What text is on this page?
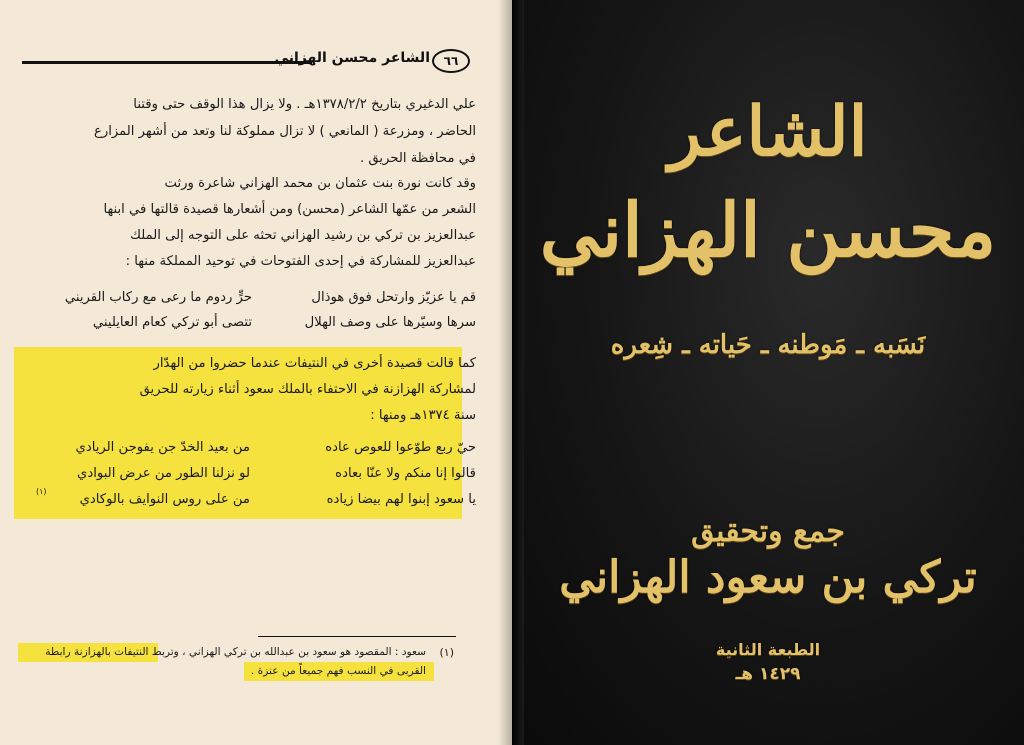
الشاعر محسن الهزاني	٦٦
علي الدغيري بتاريخ ١٣٧٨/٢/٢هـ . ولا يزال هذا الوقف حتى وقتنا
الحاضر ، ومزرعة ( المانعي ) لا تزال مملوكة لنا وتعد من أشهر المزارع
في محافظة الحريق .
وقد كانت نورة بنت عثمان بن محمد الهزاني شاعرة ورثت
الشعر من عمّها الشاعر (محسن) ومن أشعارها قصيدة قالتها في ابنها
عبدالعزيز بن تركي بن رشيد الهزاني تحثه على التوجه إلى الملك
عبدالعزيز للمشاركة في إحدى الفتوحات في توحيد المملكة منها :
قم يا عزيّز وارتحل فوق هوذال
حرٍّ ردوم ما رعى مع ركاب القريني
سرها وسيّرها على وصف الهلال
تتصى أبو تركي كعام العايليني
كما قالت قصيدة أخرى في النتيفات عندما حضروا من الهدّار
لمشاركة الهزازنة في الاحتفاء بالملك سعود أثناء زيارته للحريق
سنة ١٣٧٤هـ ومنها :
حيّ ربع طوّعوا للعوص عاده
من بعيد الخدّ جن يفوجن الريادي
قالوا إنا منكم ولا عنّا بعاده
لو نزلنا الطور من عرض البوادي
يا سعود إبنوا لهم بيضا زياده
من على روس النوايف بالوكادي
(١)
(١)
سعود : المقصود هو سعود بن عبدالله بن تركي الهزاني ، وتربط النتيفات بالهزازنة رابطة
القربى في النسب فهم جميعاً من عنزة .
الشاعر
محسن الهزاني
نَسَبه ـ مَوطنه ـ حَياته ـ شِعره
جمع وتحقيق
تركي بن سعود الهزاني
الطبعة الثانية
١٤٢٩ هـ
